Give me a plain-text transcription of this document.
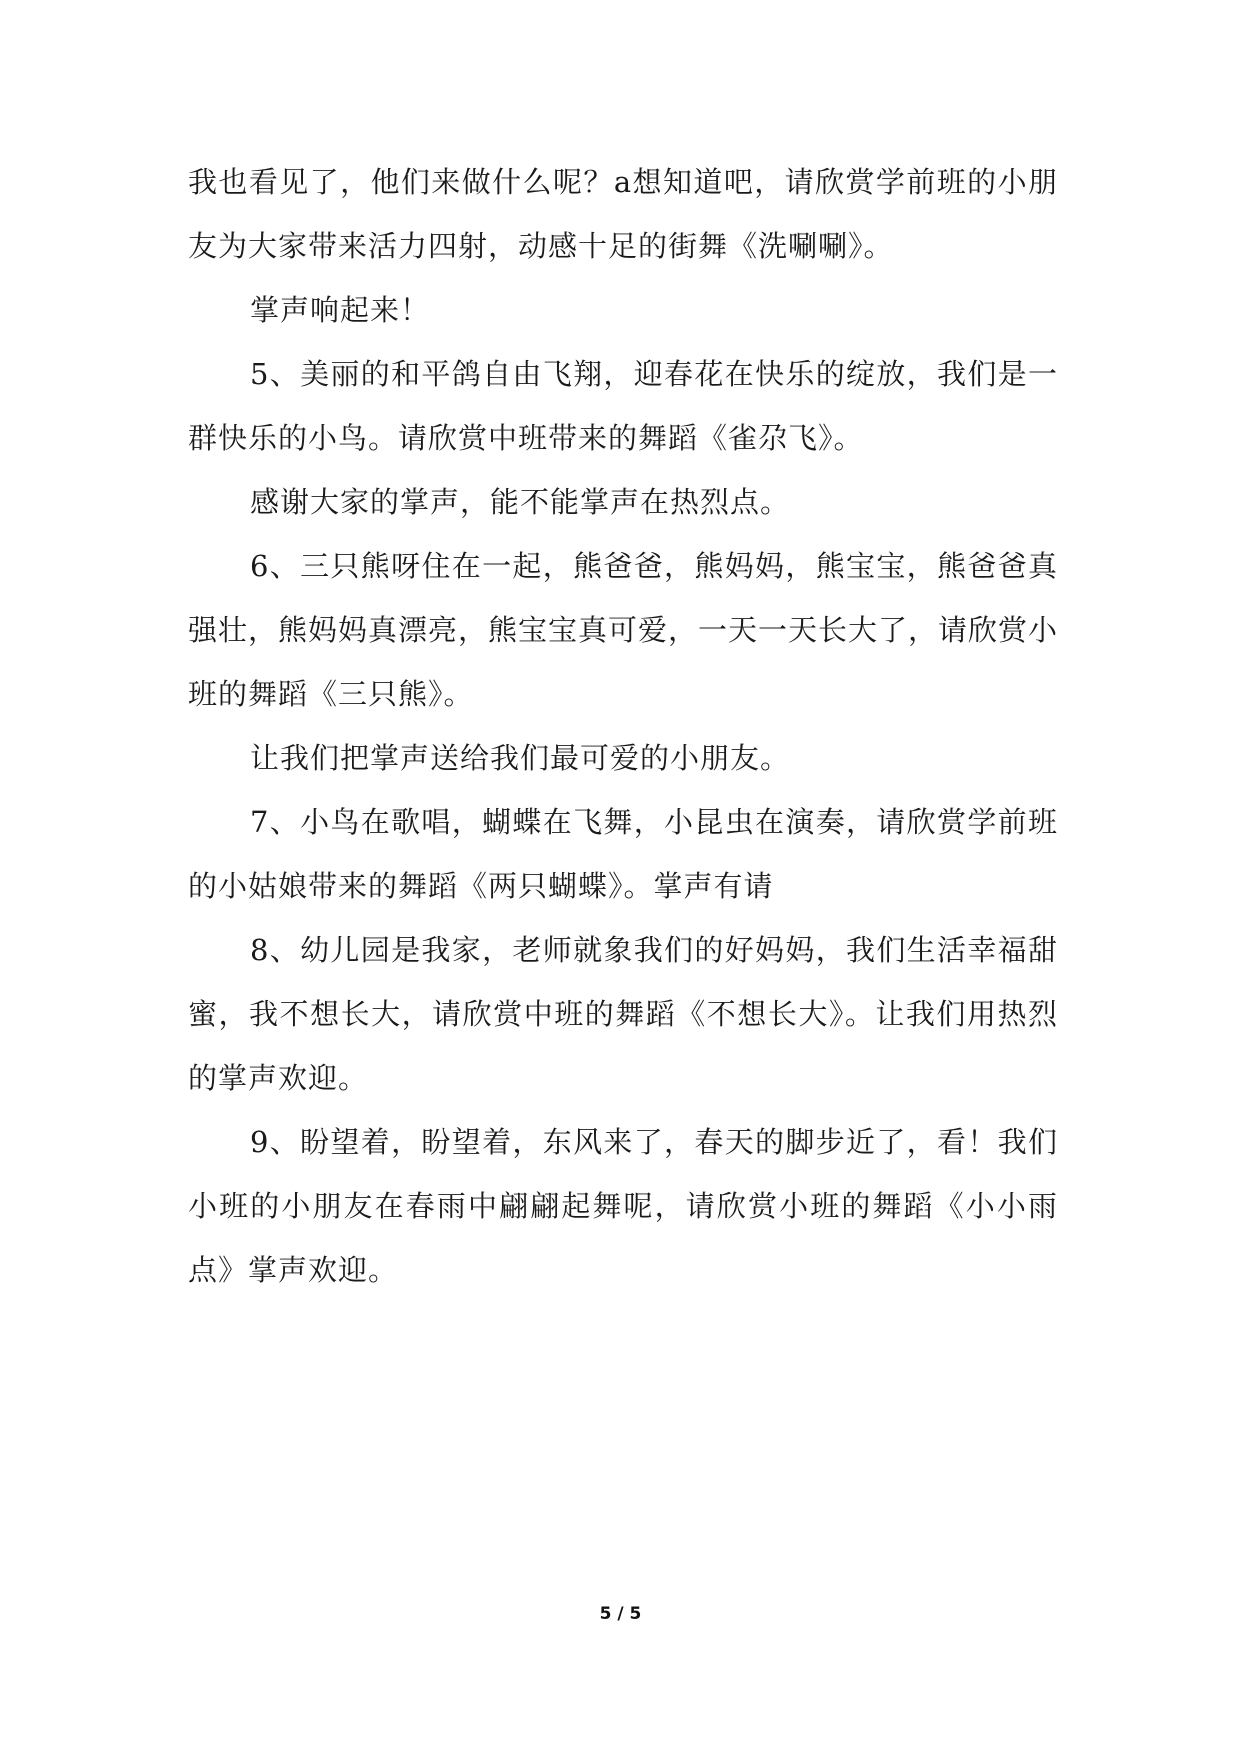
我也看见了，他们来做什么呢？a想知道吧，请欣赏学前班的小朋友为大家带来活力四射，动感十足的街舞《洗唰唰》。

掌声响起来！

5、美丽的和平鸽自由飞翔，迎春花在快乐的绽放，我们是一群快乐的小鸟。请欣赏中班带来的舞蹈《雀尕飞》。

感谢大家的掌声，能不能掌声在热烈点。

6、三只熊呀住在一起，熊爸爸，熊妈妈，熊宝宝，熊爸爸真强壮，熊妈妈真漂亮，熊宝宝真可爱，一天一天长大了，请欣赏小班的舞蹈《三只熊》。

让我们把掌声送给我们最可爱的小朋友。

7、小鸟在歌唱，蝴蝶在飞舞，小昆虫在演奏，请欣赏学前班的小姑娘带来的舞蹈《两只蝴蝶》。掌声有请

8、幼儿园是我家，老师就象我们的好妈妈，我们生活幸福甜蜜，我不想长大，请欣赏中班的舞蹈《不想长大》。让我们用热烈的掌声欢迎。

9、盼望着，盼望着，东风来了，春天的脚步近了，看！我们小班的小朋友在春雨中翩翩起舞呢，请欣赏小班的舞蹈《小小雨点》掌声欢迎。

5 / 5
